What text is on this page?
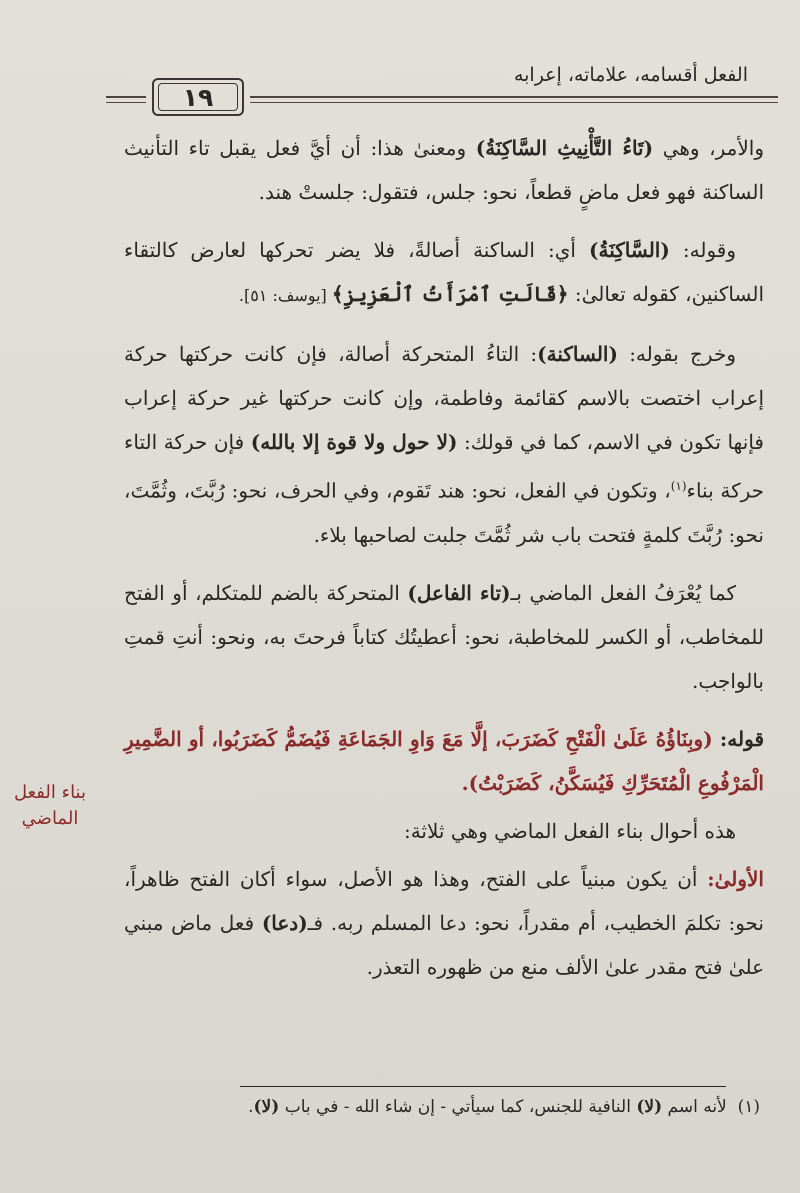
الفعل أقسامه، علاماته، إعرابه
١٩

والأمر، وهي (تَاءُ التَّأْنِيثِ السَّاكِنَةُ) ومعنىٰ هذا: أن أيَّ فعل يقبل تاء التأنيث الساكنة فهو فعل ماضٍ قطعاً، نحو: جلس، فتقول: جلستْ هند.

وقوله: (السَّاكِنَةُ) أي: الساكنة أصالةً، فلا يضر تحركها لعارض كالتقاء الساكنين، كقوله تعالىٰ: ﴿قَالَتِ ٱمْرَأَتُ ٱلْعَزِيزِ﴾ [يوسف: ٥١].

وخرج بقوله: (الساكنة): التاءُ المتحركة أصالة، فإن كانت حركتها حركة إعراب اختصت بالاسم كقائمة وفاطمة، وإن كانت حركتها غير حركة إعراب فإنها تكون في الاسم، كما في قولك: (لا حول ولا قوة إلا بالله) فإن حركة التاء حركة بناء$^{(١)}$، وتكون في الفعل، نحو: هند تَقوم، وفي الحرف، نحو: رُبَّتَ، وثُمَّتَ، نحو: رُبَّتَ كلمةٍ فتحت باب شر ثُمَّتَ جلبت لصاحبها بلاء.

كما يُعْرَفُ الفعل الماضي بـ(تاء الفاعل) المتحركة بالضم للمتكلم، أو الفتح للمخاطب، أو الكسر للمخاطبة، نحو: أعطيتُك كتاباً فرحتَ به، ونحو: أنتِ قمتِ بالواجب.

قوله: (وبِنَاؤُهُ عَلَىٰ الْفَتْحِ كَضَرَبَ، إلَّا مَعَ وَاوِ الجَمَاعَةِ فَيُضَمُّ كَضَرَبُوا، أو الضَّمِيرِ الْمَرْفُوعِ الْمُتَحَرِّكِ فَيُسَكَّنُ، كَضَرَبْتُ).

هذه أحوال بناء الفعل الماضي وهي ثلاثة:

الأولىٰ: أن يكون مبنياً على الفتح، وهذا هو الأصل، سواء أكان الفتح ظاهراً، نحو: تكلمَ الخطيب، أم مقدراً، نحو: دعا المسلم ربه. فـ(دعا) فعل ماض مبني علىٰ فتح مقدر علىٰ الألف منع من ظهوره التعذر.

بناء الفعل الماضي
(١)  لأنه اسم (لا) النافية للجنس، كما سيأتي - إن شاء الله - في باب (لا).
